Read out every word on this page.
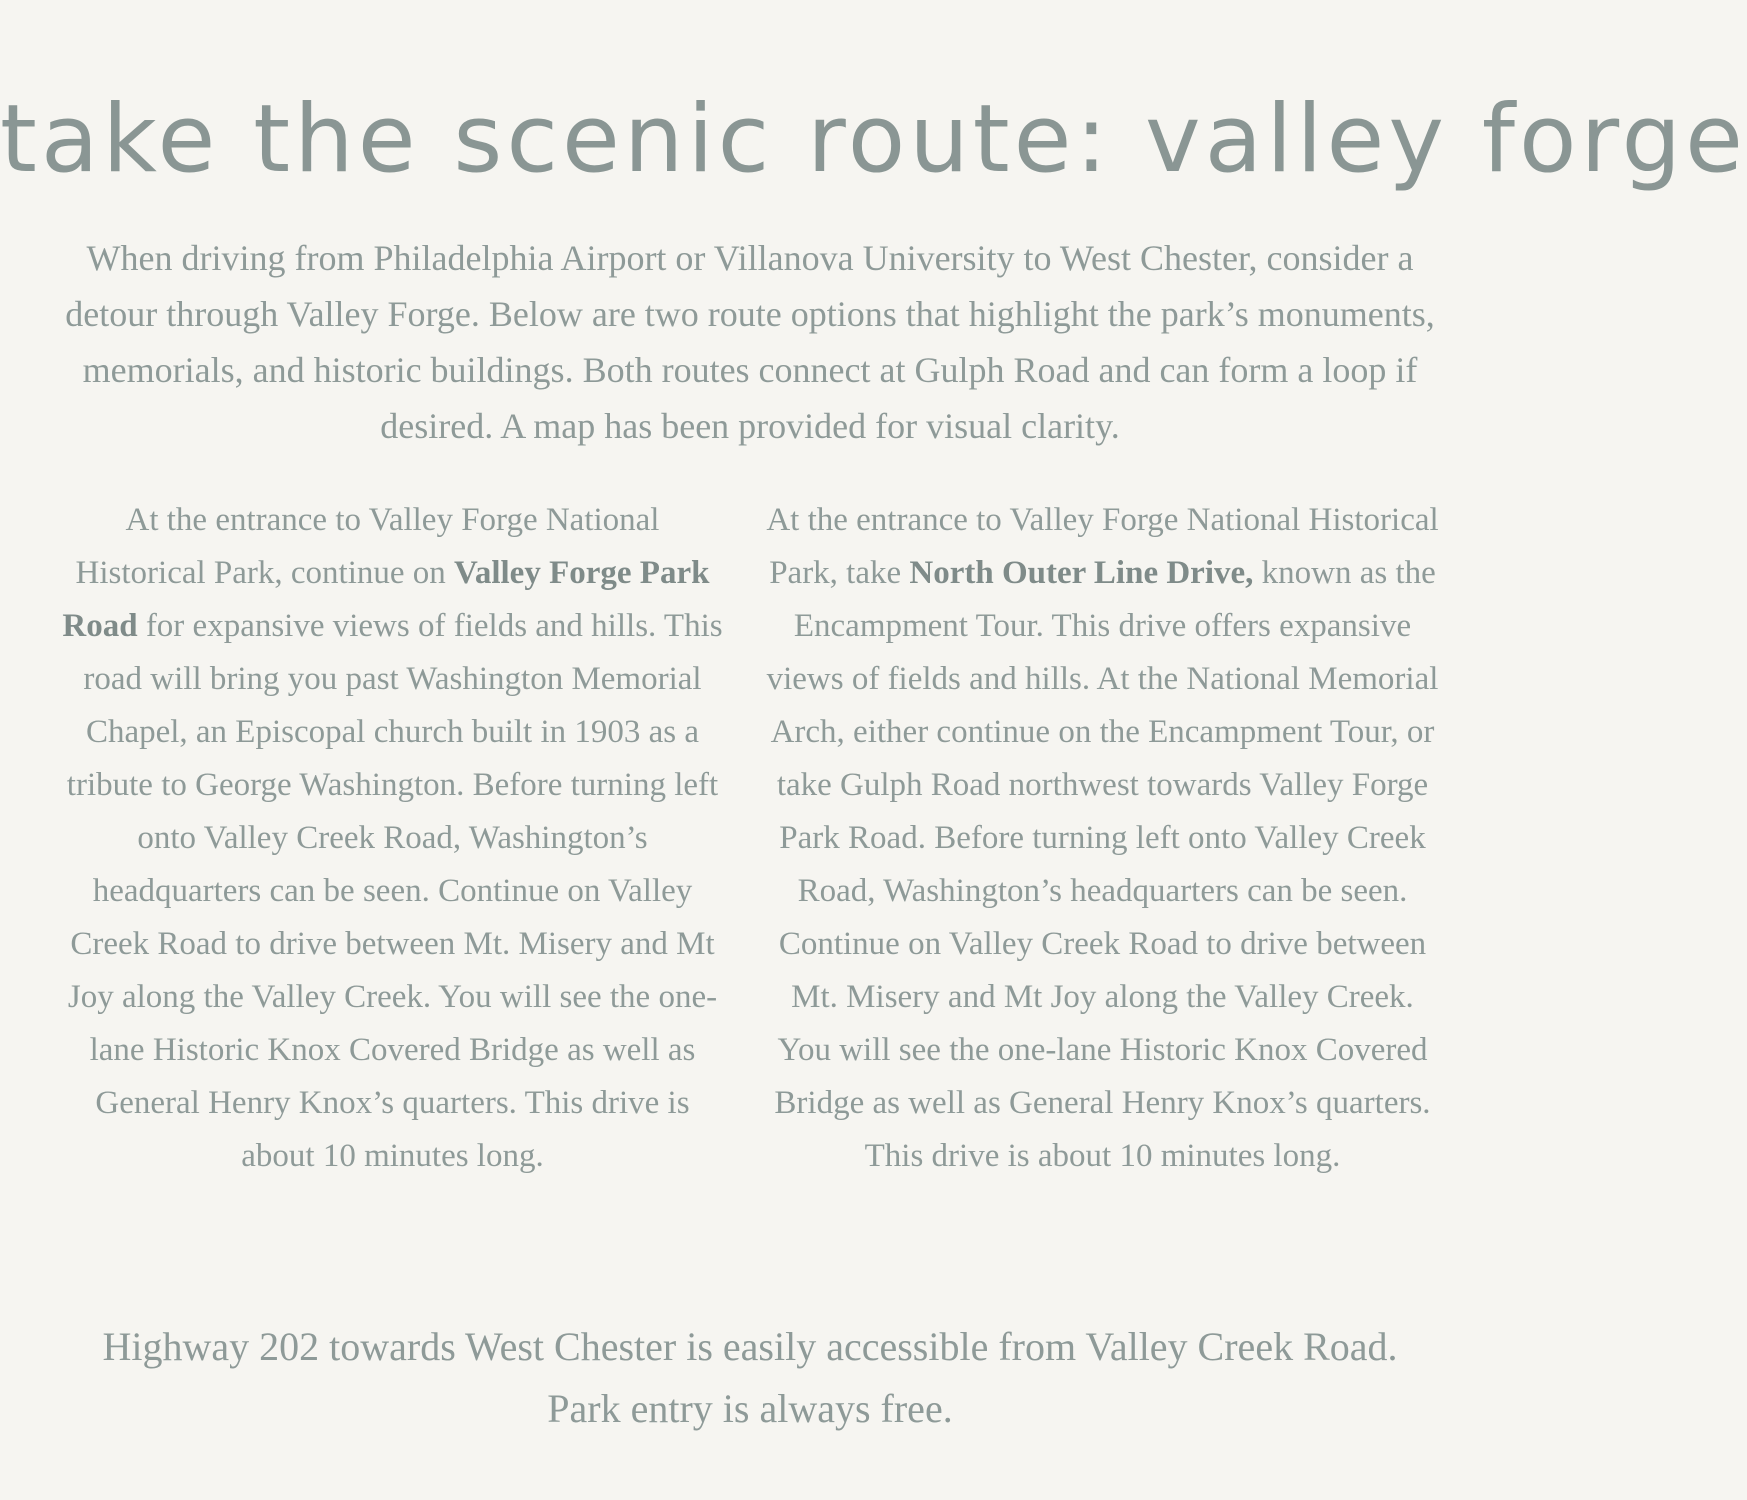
take the scenic route: valley forge

When driving from Philadelphia Airport or Villanova University to West Chester, consider a detour through Valley Forge. Below are two route options that highlight the park’s monuments, memorials, and historic buildings. Both routes connect at Gulph Road and can form a loop if desired. A map has been provided for visual clarity.

At the entrance to Valley Forge National Historical Park, continue on Valley Forge Park Road for expansive views of fields and hills. This road will bring you past Washington Memorial Chapel, an Episcopal church built in 1903 as a tribute to George Washington. Before turning left onto Valley Creek Road, Washington’s headquarters can be seen. Continue on Valley Creek Road to drive between Mt. Misery and Mt Joy along the Valley Creek. You will see the one-lane Historic Knox Covered Bridge as well as General Henry Knox’s quarters. This drive is about 10 minutes long.

At the entrance to Valley Forge National Historical Park, take North Outer Line Drive, known as the Encampment Tour. This drive offers expansive views of fields and hills. At the National Memorial Arch, either continue on the Encampment Tour, or take Gulph Road northwest towards Valley Forge Park Road. Before turning left onto Valley Creek Road, Washington’s headquarters can be seen. Continue on Valley Creek Road to drive between Mt. Misery and Mt Joy along the Valley Creek. You will see the one-lane Historic Knox Covered Bridge as well as General Henry Knox’s quarters. This drive is about 10 minutes long.

Highway 202 towards West Chester is easily accessible from Valley Creek Road.
Park entry is always free.
